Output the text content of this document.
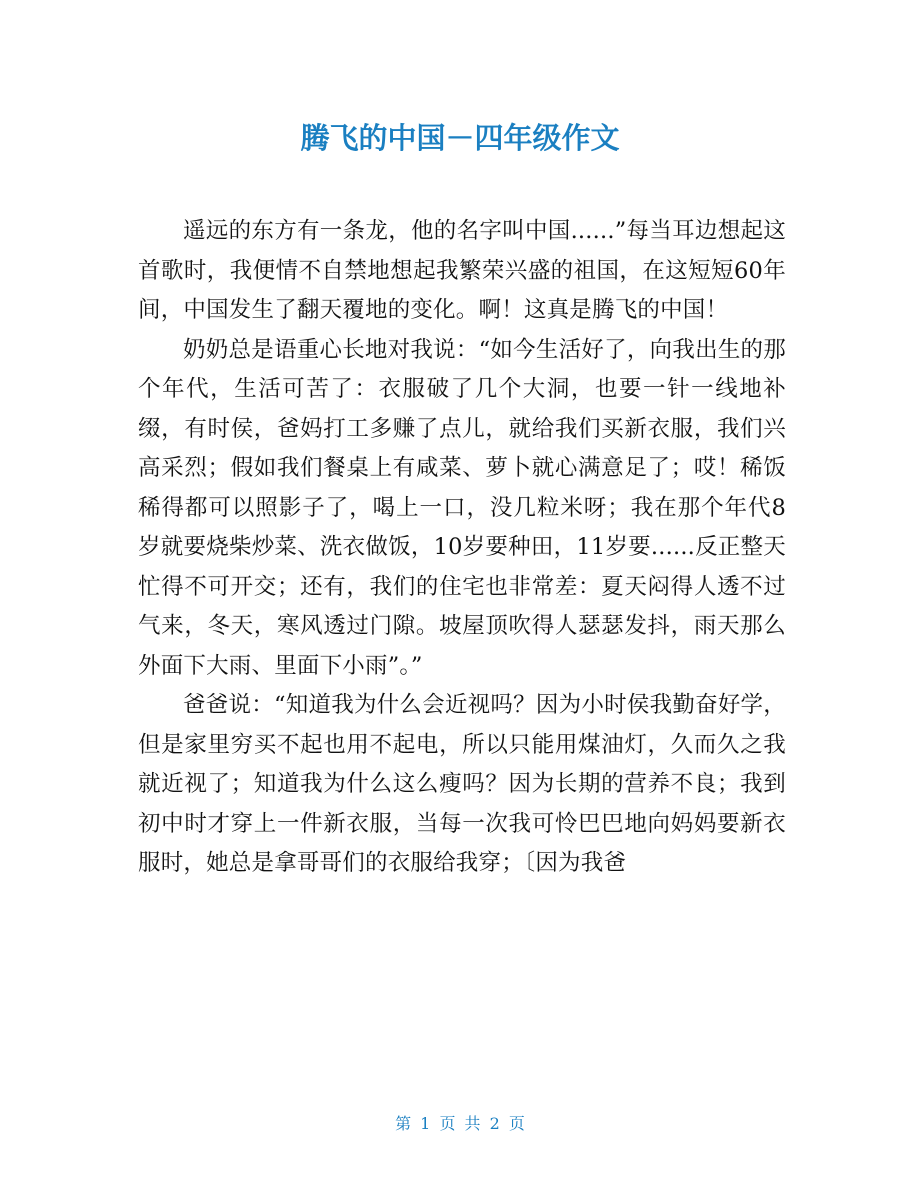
腾飞的中国－四年级作文

遥远的东方有一条龙，他的名字叫中国......”每当耳边想起这首歌时，我便情不自禁地想起我繁荣兴盛的祖国，在这短短60年间，中国发生了翻天覆地的变化。啊！这真是腾飞的中国！

奶奶总是语重心长地对我说：“如今生活好了，向我出生的那个年代，生活可苦了：衣服破了几个大洞，也要一针一线地补缀，有时侯，爸妈打工多赚了点儿，就给我们买新衣服，我们兴高采烈；假如我们餐桌上有咸菜、萝卜就心满意足了；哎！稀饭稀得都可以照影子了，喝上一口，没几粒米呀；我在那个年代8岁就要烧柴炒菜、洗衣做饭，10岁要种田，11岁要......反正整天忙得不可开交；还有，我们的住宅也非常差：夏天闷得人透不过气来，冬天，寒风透过门隙。坡屋顶吹得人瑟瑟发抖，雨天那么外面下大雨、里面下小雨”。”

爸爸说：“知道我为什么会近视吗？因为小时侯我勤奋好学，但是家里穷买不起也用不起电，所以只能用煤油灯，久而久之我就近视了；知道我为什么这么瘦吗？因为长期的营养不良；我到初中时才穿上一件新衣服，当每一次我可怜巴巴地向妈妈要新衣服时，她总是拿哥哥们的衣服给我穿；〔因为我爸

第 1 页 共 2 页
